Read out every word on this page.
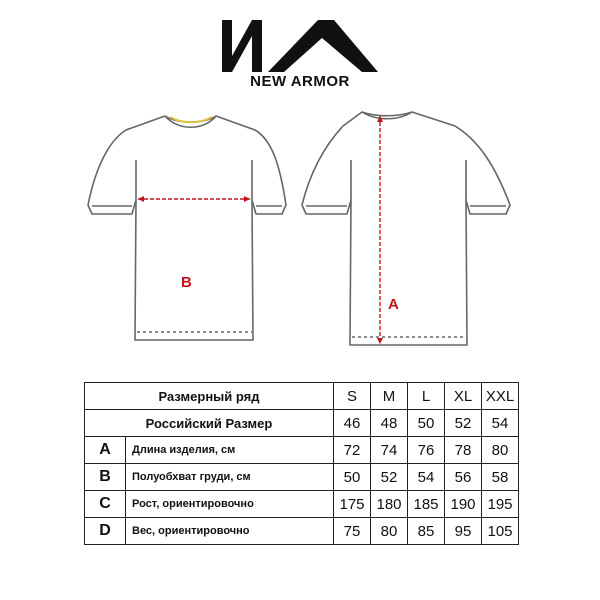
NEW ARMOR
B
A
Размерный ряд		S	M	L	XL	XXL
Российский Размер		46	48	50	52	54
A	Длина изделия, см	72	74	76	78	80
B	Полуобхват груди, см	50	52	54	56	58
C	Рост, ориентировочно	175	180	185	190	195
D	Вес, ориентировочно	75	80	85	95	105
